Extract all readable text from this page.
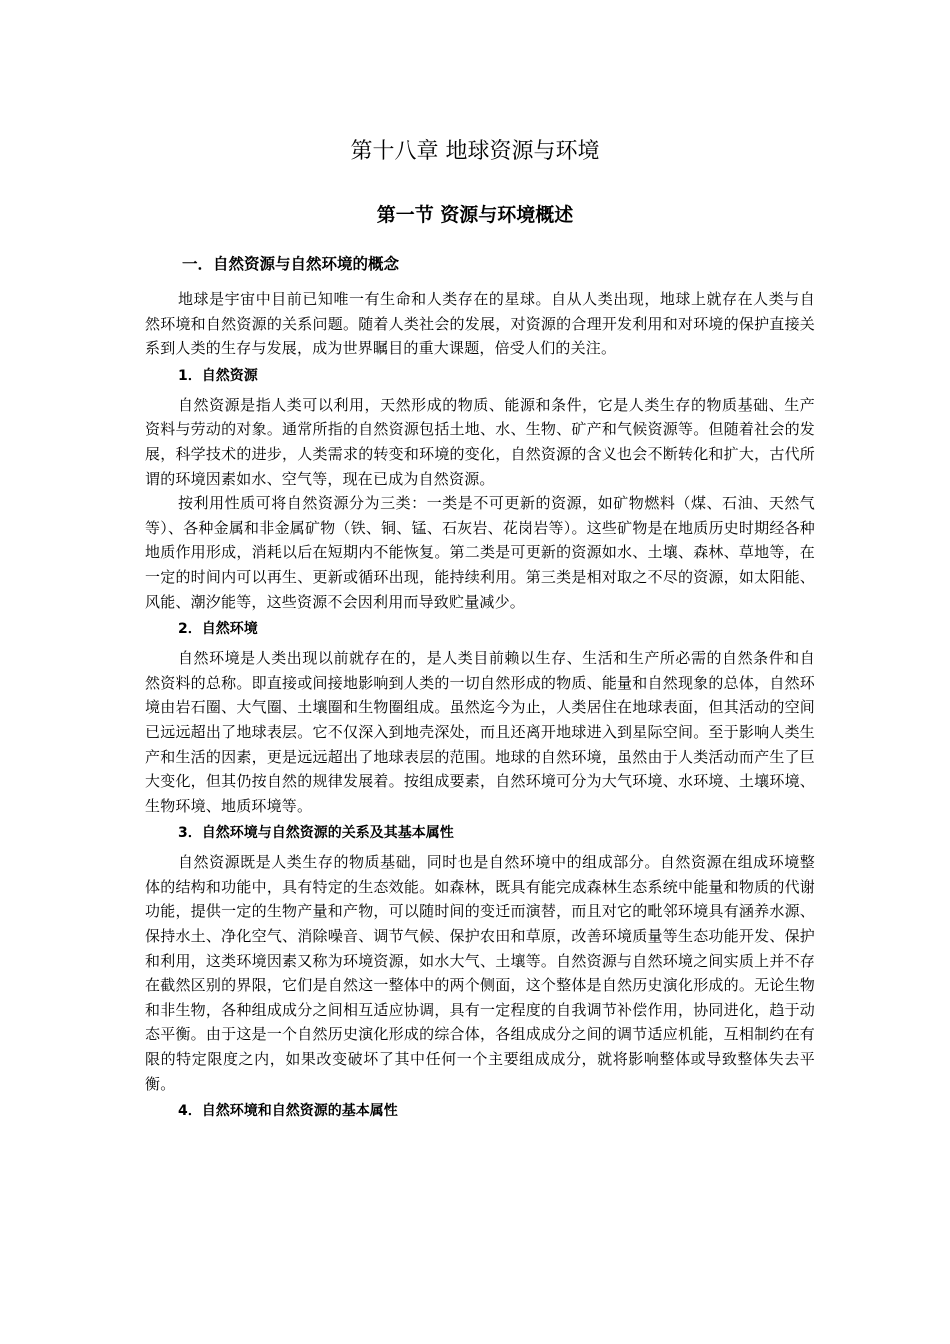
第十八章 地球资源与环境
第一节 资源与环境概述
一．自然资源与自然环境的概念

地球是宇宙中目前已知唯一有生命和人类存在的星球。自从人类出现，地球上就存在人类与自然环境和自然资源的关系问题。随着人类社会的发展，对资源的合理开发利用和对环境的保护直接关系到人类的生存与发展，成为世界瞩目的重大课题，倍受人们的关注。

1．自然资源

自然资源是指人类可以利用，天然形成的物质、能源和条件，它是人类生存的物质基础、生产资料与劳动的对象。通常所指的自然资源包括土地、水、生物、矿产和气候资源等。但随着社会的发展，科学技术的进步，人类需求的转变和环境的变化，自然资源的含义也会不断转化和扩大，古代所谓的环境因素如水、空气等，现在已成为自然资源。

按利用性质可将自然资源分为三类：一类是不可更新的资源，如矿物燃料（煤、石油、天然气等）、各种金属和非金属矿物（铁、铜、锰、石灰岩、花岗岩等）。这些矿物是在地质历史时期经各种地质作用形成，消耗以后在短期内不能恢复。第二类是可更新的资源如水、土壤、森林、草地等，在一定的时间内可以再生、更新或循环出现，能持续利用。第三类是相对取之不尽的资源，如太阳能、风能、潮汐能等，这些资源不会因利用而导致贮量减少。

2．自然环境

自然环境是人类出现以前就存在的，是人类目前赖以生存、生活和生产所必需的自然条件和自然资料的总称。即直接或间接地影响到人类的一切自然形成的物质、能量和自然现象的总体，自然环境由岩石圈、大气圈、土壤圈和生物圈组成。虽然迄今为止，人类居住在地球表面，但其活动的空间已远远超出了地球表层。它不仅深入到地壳深处，而且还离开地球进入到星际空间。至于影响人类生产和生活的因素，更是远远超出了地球表层的范围。地球的自然环境，虽然由于人类活动而产生了巨大变化，但其仍按自然的规律发展着。按组成要素，自然环境可分为大气环境、水环境、土壤环境、生物环境、地质环境等。

3．自然环境与自然资源的关系及其基本属性

自然资源既是人类生存的物质基础，同时也是自然环境中的组成部分。自然资源在组成环境整体的结构和功能中，具有特定的生态效能。如森林，既具有能完成森林生态系统中能量和物质的代谢功能，提供一定的生物产量和产物，可以随时间的变迁而演替，而且对它的毗邻环境具有涵养水源、保持水土、净化空气、消除噪音、调节气候、保护农田和草原，改善环境质量等生态功能开发、保护和利用，这类环境因素又称为环境资源，如水大气、土壤等。自然资源与自然环境之间实质上并不存在截然区别的界限，它们是自然这一整体中的两个侧面，这个整体是自然历史演化形成的。无论生物和非生物，各种组成成分之间相互适应协调，具有一定程度的自我调节补偿作用，协同进化，趋于动态平衡。由于这是一个自然历史演化形成的综合体，各组成成分之间的调节适应机能，互相制约在有限的特定限度之内，如果改变破坏了其中任何一个主要组成成分，就将影响整体或导致整体失去平衡。

4．自然环境和自然资源的基本属性
